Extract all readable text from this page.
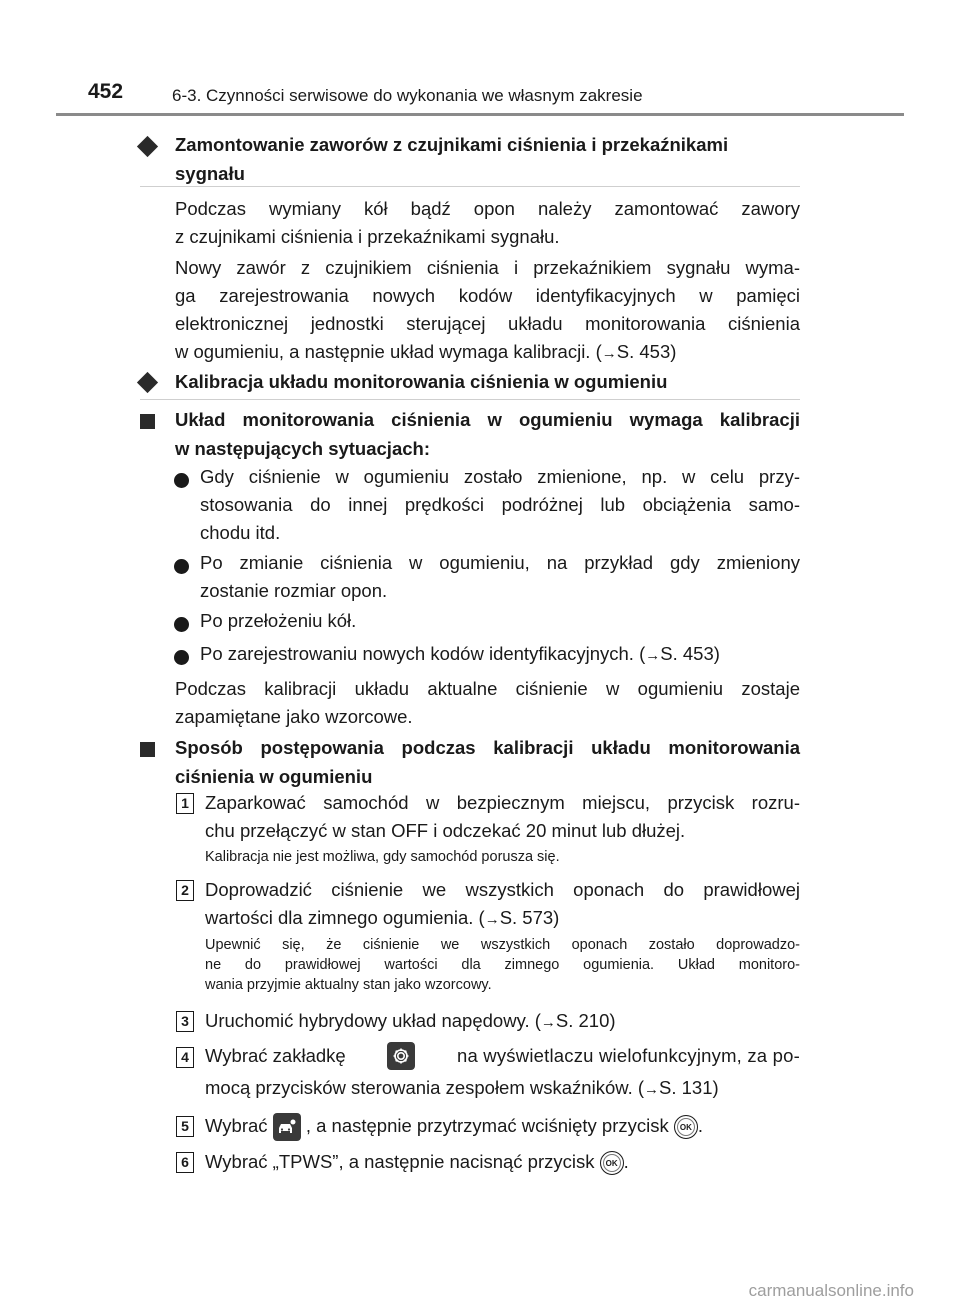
452	6-3. Czynności serwisowe do wykonania we własnym zakresie
Zamontowanie zaworów z czujnikami ciśnienia i przekaźnikami
sygnału
Podczas wymiany kół bądź opon należy zamontować zawory
z czujnikami ciśnienia i przekaźnikami sygnału.
Nowy zawór z czujnikiem ciśnienia i przekaźnikiem sygnału wyma-
ga zarejestrowania nowych kodów identyfikacyjnych w pamięci
elektronicznej jednostki sterującej układu monitorowania ciśnienia
w ogumieniu, a następnie układ wymaga kalibracji. (→S. 453)
Kalibracja układu monitorowania ciśnienia w ogumieniu
Układ monitorowania ciśnienia w ogumieniu wymaga kalibracji
w następujących sytuacjach:
Gdy ciśnienie w ogumieniu zostało zmienione, np. w celu przy-
stosowania do innej prędkości podróżnej lub obciążenia samo-
chodu itd.
Po zmianie ciśnienia w ogumieniu, na przykład gdy zmieniony
zostanie rozmiar opon.
Po przełożeniu kół.
Po zarejestrowaniu nowych kodów identyfikacyjnych. (→S. 453)
Podczas kalibracji układu aktualne ciśnienie w ogumieniu zostaje
zapamiętane jako wzorcowe.
Sposób postępowania podczas kalibracji układu monitorowania
ciśnienia w ogumieniu
1 Zaparkować samochód w bezpiecznym miejscu, przycisk rozru-
chu przełączyć w stan OFF i odczekać 20 minut lub dłużej.
Kalibracja nie jest możliwa, gdy samochód porusza się.
2 Doprowadzić ciśnienie we wszystkich oponach do prawidłowej
wartości dla zimnego ogumienia. (→S. 573)
Upewnić się, że ciśnienie we wszystkich oponach zostało doprowadzo-
ne do prawidłowej wartości dla zimnego ogumienia. Układ monitoro-
wania przyjmie aktualny stan jako wzorcowy.
3 Uruchomić hybrydowy układ napędowy. (→S. 210)
4 Wybrać zakładkę	na wyświetlaczu wielofunkcyjnym, za po-
mocą przycisków sterowania zespołem wskaźników. (→S. 131)
5 Wybrać , a następnie przytrzymać wciśnięty przycisk OK .
6 Wybrać „TPWS”, a następnie nacisnąć przycisk OK .
carmanualsonline.info
